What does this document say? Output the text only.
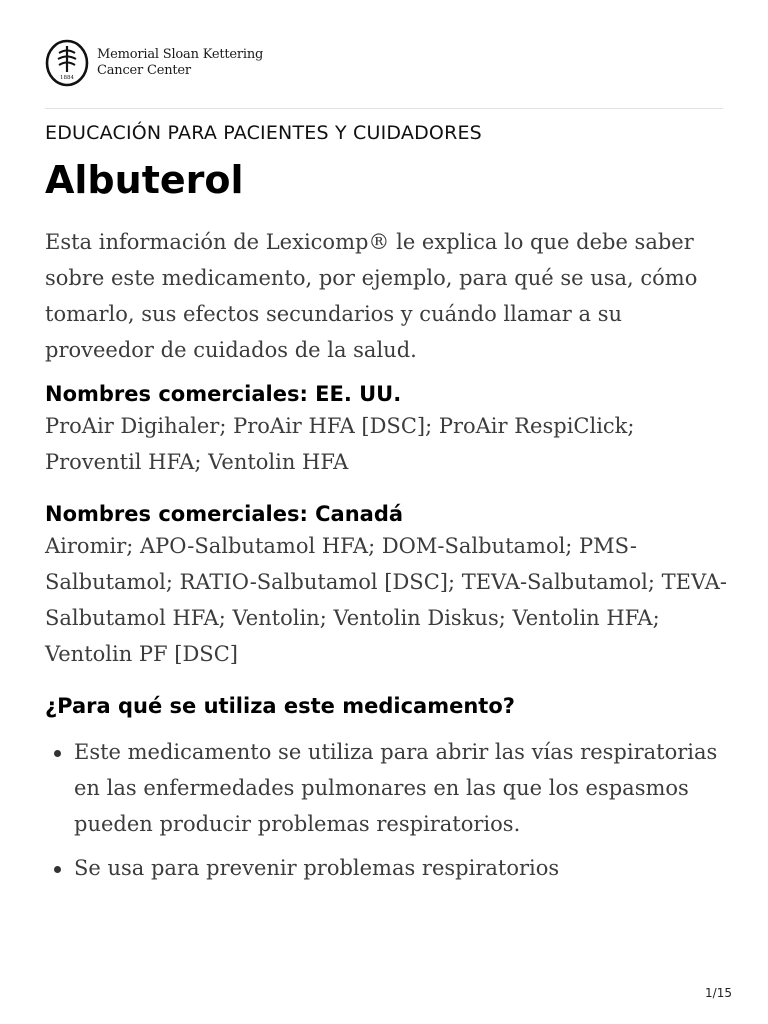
1884
Memorial Sloan Kettering
Cancer Center
EDUCACIÓN PARA PACIENTES Y CUIDADORES
Albuterol

Esta información de Lexicomp® le explica lo que debe saber sobre este medicamento, por ejemplo, para qué se usa, cómo tomarlo, sus efectos secundarios y cuándo llamar a su proveedor de cuidados de la salud.

Nombres comerciales: EE. UU.

ProAir Digihaler; ProAir HFA [DSC]; ProAir RespiClick; Proventil HFA; Ventolin HFA

Nombres comerciales: Canadá

Airomir; APO-Salbutamol HFA; DOM-Salbutamol; PMS-Salbutamol; RATIO-Salbutamol [DSC]; TEVA-Salbutamol; TEVA-Salbutamol HFA; Ventolin; Ventolin Diskus; Ventolin HFA; Ventolin PF [DSC]

¿Para qué se utiliza este medicamento?

Este medicamento se utiliza para abrir las vías respiratorias en las enfermedades pulmonares en las que los espasmos pueden producir problemas respiratorios.
Se usa para prevenir problemas respiratorios
1/15
